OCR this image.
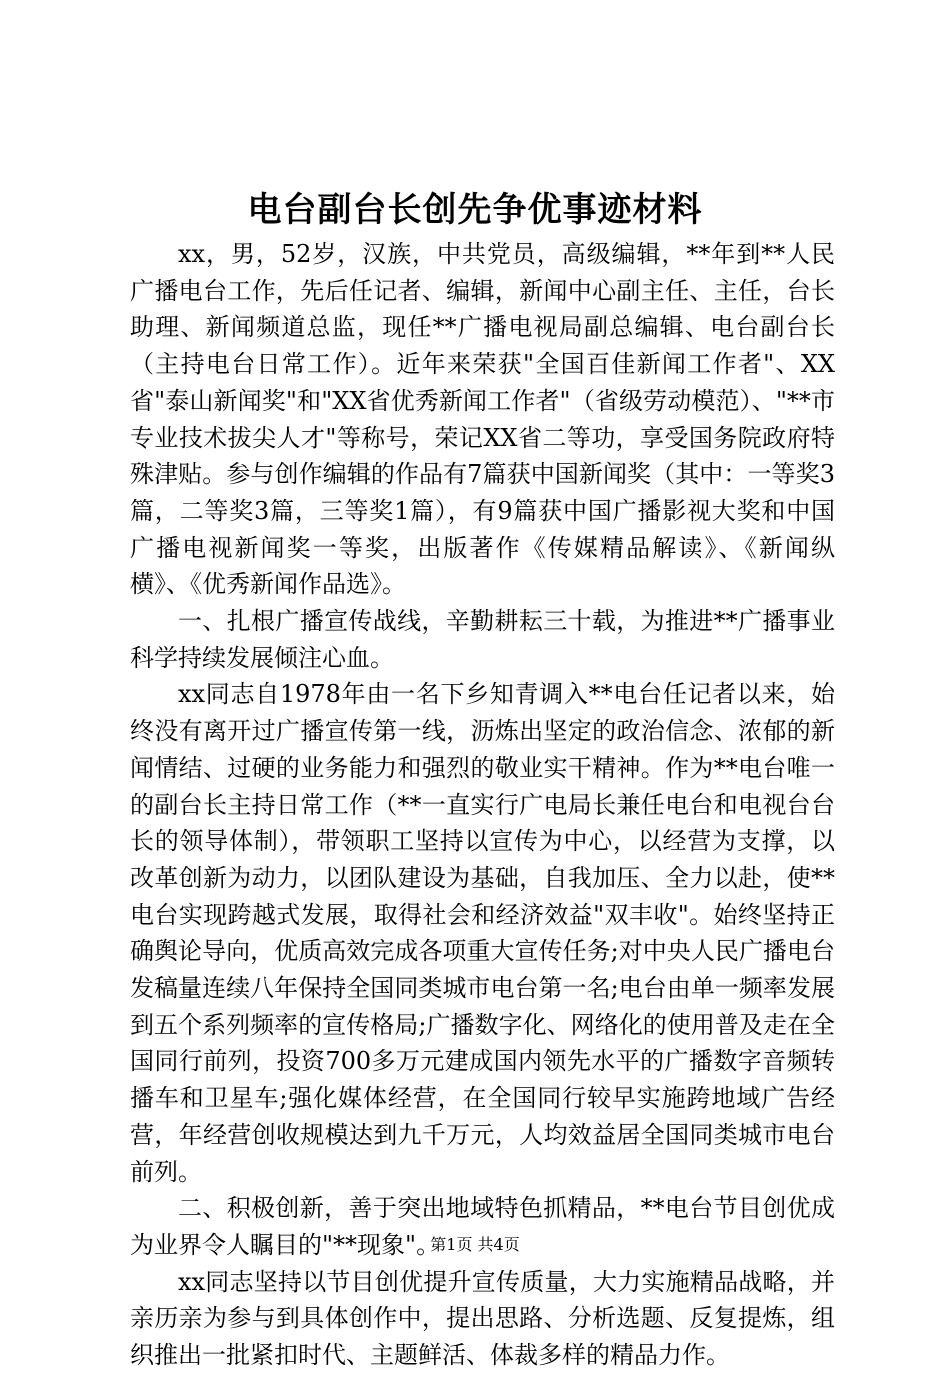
电台副台长创先争优事迹材料

xx，男，52岁，汉族，中共党员，高级编辑，**年到**人民广播电台工作，先后任记者、编辑，新闻中心副主任、主任，台长助理、新闻频道总监，现任**广播电视局副总编辑、电台副台长（主持电台日常工作）。近年来荣获"全国百佳新闻工作者"、XX省"泰山新闻奖"和"XX省优秀新闻工作者"（省级劳动模范）、"**市专业技术拔尖人才"等称号，荣记XX省二等功，享受国务院政府特殊津贴。参与创作编辑的作品有7篇获中国新闻奖（其中：一等奖3篇，二等奖3篇，三等奖1篇），有9篇获中国广播影视大奖和中国广播电视新闻奖一等奖，出版著作《传媒精品解读》、《新闻纵横》、《优秀新闻作品选》。

一、扎根广播宣传战线，辛勤耕耘三十载，为推进**广播事业科学持续发展倾注心血。

xx同志自1978年由一名下乡知青调入**电台任记者以来，始终没有离开过广播宣传第一线，沥炼出坚定的政治信念、浓郁的新闻情结、过硬的业务能力和强烈的敬业实干精神。作为**电台唯一的副台长主持日常工作（**一直实行广电局长兼任电台和电视台台长的领导体制），带领职工坚持以宣传为中心，以经营为支撑，以改革创新为动力，以团队建设为基础，自我加压、全力以赴，使**电台实现跨越式发展，取得社会和经济效益"双丰收"。始终坚持正确舆论导向，优质高效完成各项重大宣传任务;对中央人民广播电台发稿量连续八年保持全国同类城市电台第一名;电台由单一频率发展到五个系列频率的宣传格局;广播数字化、网络化的使用普及走在全国同行前列，投资700多万元建成国内领先水平的广播数字音频转播车和卫星车;强化媒体经营，在全国同行较早实施跨地域广告经营，年经营创收规模达到九千万元，人均效益居全国同类城市电台前列。

二、积极创新，善于突出地域特色抓精品，**电台节目创优成为业界令人瞩目的"**现象"。

xx同志坚持以节目创优提升宣传质量，大力实施精品战略，并亲历亲为参与到具体创作中，提出思路、分析选题、反复提炼，组织推出一批紧扣时代、主题鲜活、体裁多样的精品力作。

第1页 共4页
